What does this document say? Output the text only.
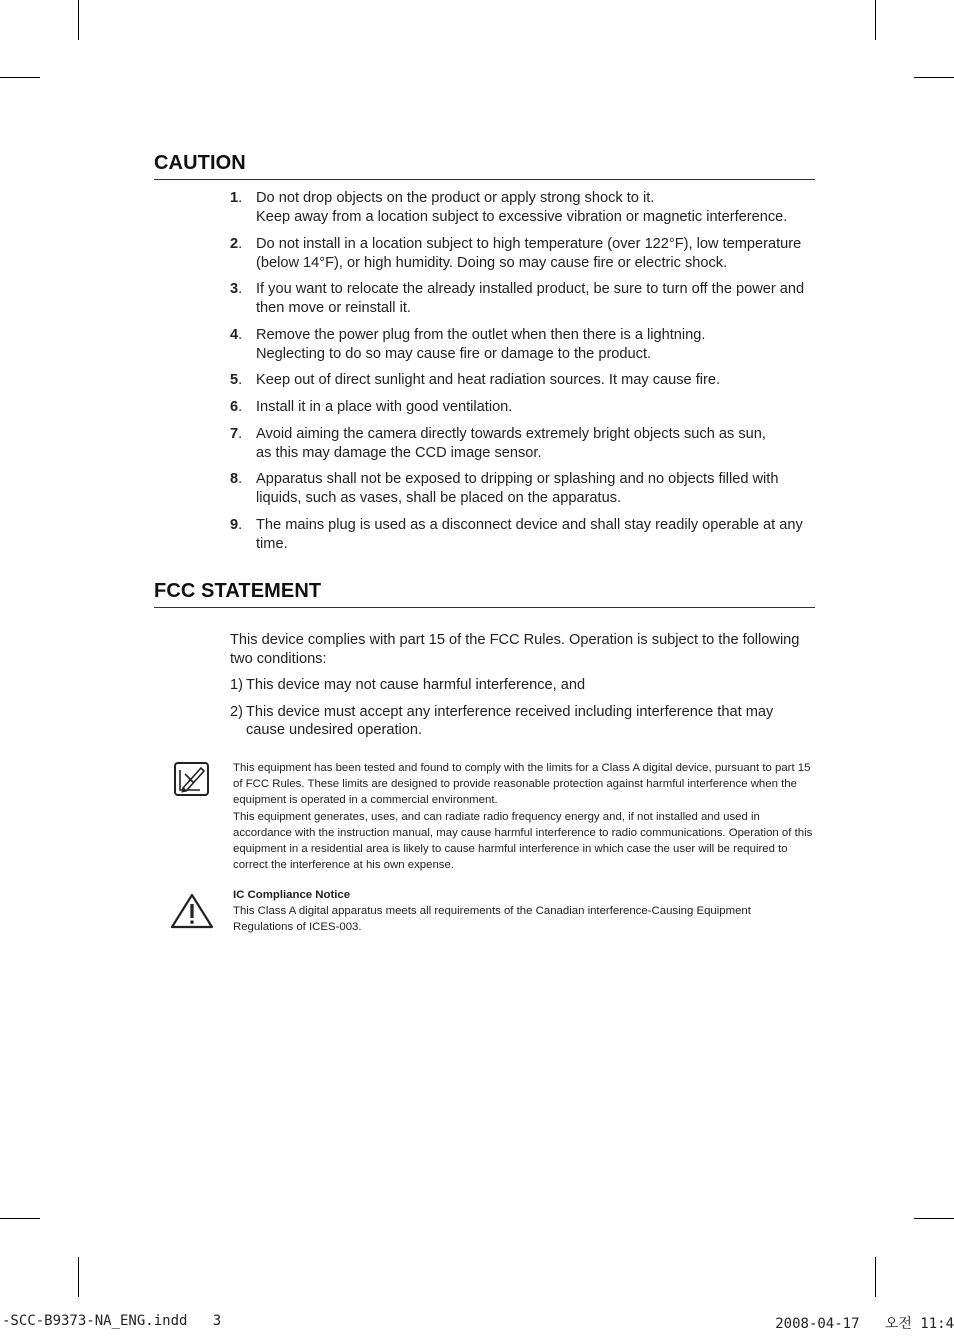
CAUTION
1. Do not drop objects on the product or apply strong shock to it.
Keep away from a location subject to excessive vibration or magnetic interference.
2. Do not install in a location subject to high temperature (over 122°F), low temperature (below 14°F), or high humidity. Doing so may cause fire or electric shock.
3. If you want to relocate the already installed product, be sure to turn off the power and then move or reinstall it.
4. Remove the power plug from the outlet when then there is a lightning.
Neglecting to do so may cause fire or damage to the product.
5. Keep out of direct sunlight and heat radiation sources. It may cause fire.
6. Install it in a place with good ventilation.
7. Avoid aiming the camera directly towards extremely bright objects such as sun,
as this may damage the CCD image sensor.
8. Apparatus shall not be exposed to dripping or splashing and no objects filled with liquids, such as vases, shall be placed on the apparatus.
9. The mains plug is used as a disconnect device and shall stay readily operable at any time.
FCC STATEMENT

This device complies with part 15 of the FCC Rules. Operation is subject to the following two conditions:

1) This device may not cause harmful interference, and

2) This device must accept any interference received including interference that may cause undesired operation.

This equipment has been tested and found to comply with the limits for a Class A digital device, pursuant to part 15 of FCC Rules. These limits are designed to provide reasonable protection against harmful interference when the equipment is operated in a commercial environment.
This equipment generates, uses, and can radiate radio frequency energy and, if not installed and used in accordance with the instruction manual, may cause harmful interference to radio communications. Operation of this equipment in a residential area is likely to cause harmful interference in which case the user will be required to correct the interference at his own expense.
IC Compliance Notice
This Class A digital apparatus meets all requirements of the Canadian interference-Causing Equipment Regulations of ICES-003.
-SCC-B9373-NA_ENG.indd   3	2008-04-17   오전 11:4
